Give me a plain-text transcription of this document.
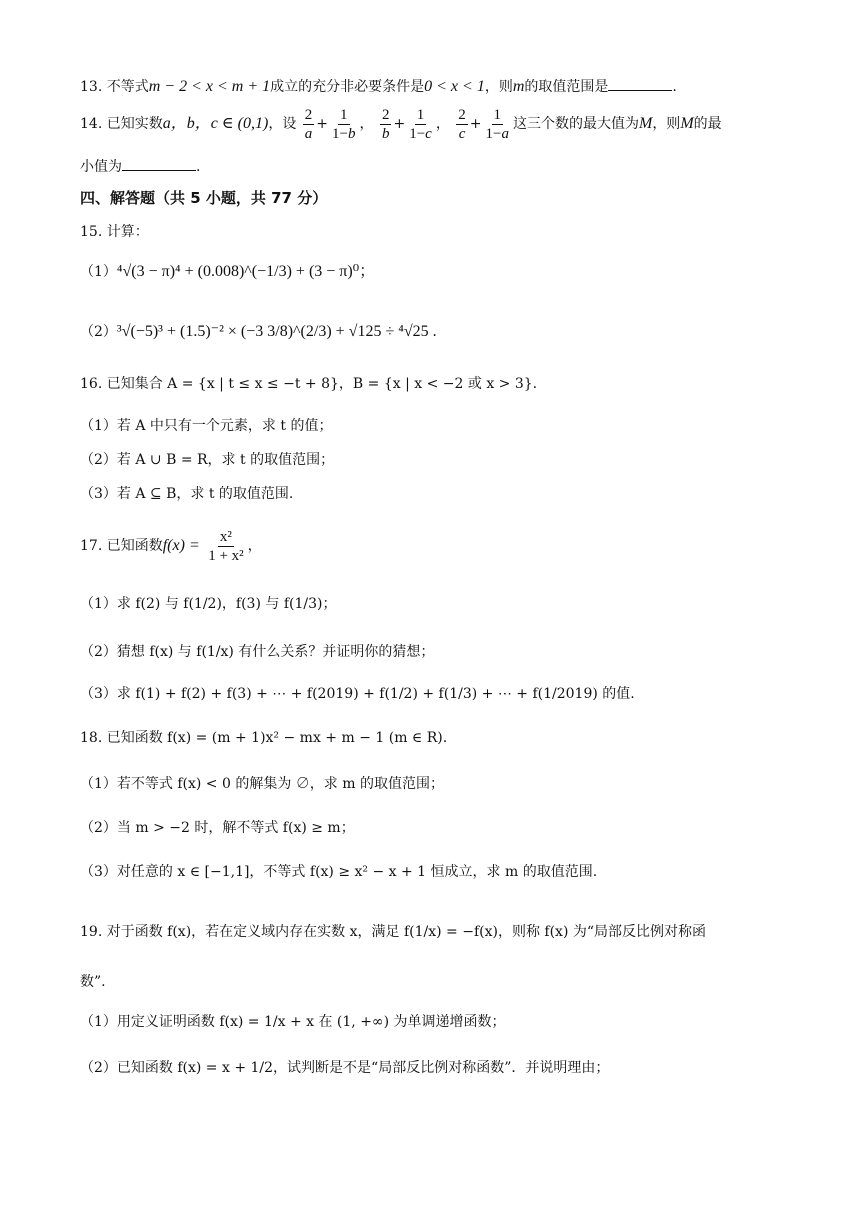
13. 不等式m − 2 < x < m + 1成立的充分非必要条件是0 < x < 1，则m的取值范围是	.
14. 已知实数a，b，c ∈ (0,1)，设 $\frac{2}{a} + \frac{1}{1-b}$ ， $\frac{2}{b} + \frac{1}{1-c}$ ， $\frac{2}{c} + \frac{1}{1-a}$ 这三个数的最大值为M，则M的最
小值为	.
四、解答题（共 5 小题，共 77 分）
15. 计算：
（1）⁴√(3 − π)⁴ + (0.008)^(−1/3) + (3 − π)⁰；
（2）³√(−5)³ + (1.5)⁻² × (−3 3/8)^(2/3) + √125 ÷ ⁴√25 .
16. 已知集合 A = {x | t ≤ x ≤ −t + 8}，B = {x | x < −2 或 x > 3}.
（1）若 A 中只有一个元素，求 t 的值；
（2）若 A ∪ B = R，求 t 的取值范围；
（3）若 A ⊆ B，求 t 的取值范围.
17. 已知函数$f(x) = \frac{\text{x²}}{\text{1 + x²}}$ ，
（1）求 f(2) 与 f(1/2)，f(3) 与 f(1/3)；
（2）猜想 f(x) 与 f(1/x) 有什么关系？并证明你的猜想；
（3）求 f(1) + f(2) + f(3) + ⋯ + f(2019) + f(1/2) + f(1/3) + ⋯ + f(1/2019) 的值.
18. 已知函数 f(x) = (m + 1)x² − mx + m − 1 (m ∈ R).
（1）若不等式 f(x) < 0 的解集为 ∅，求 m 的取值范围；
（2）当 m > −2 时，解不等式 f(x) ≥ m；
（3）对任意的 x ∈ [−1,1]，不等式 f(x) ≥ x² − x + 1 恒成立，求 m 的取值范围.
19. 对于函数 f(x)，若在定义域内存在实数 x，满足 f(1/x) = −f(x)，则称 f(x) 为“局部反比例对称函
数”.
（1）用定义证明函数 f(x) = 1/x + x 在 (1, +∞) 为单调递增函数；
（2）已知函数 f(x) = x + 1/2，试判断是不是“局部反比例对称函数”．并说明理由；
